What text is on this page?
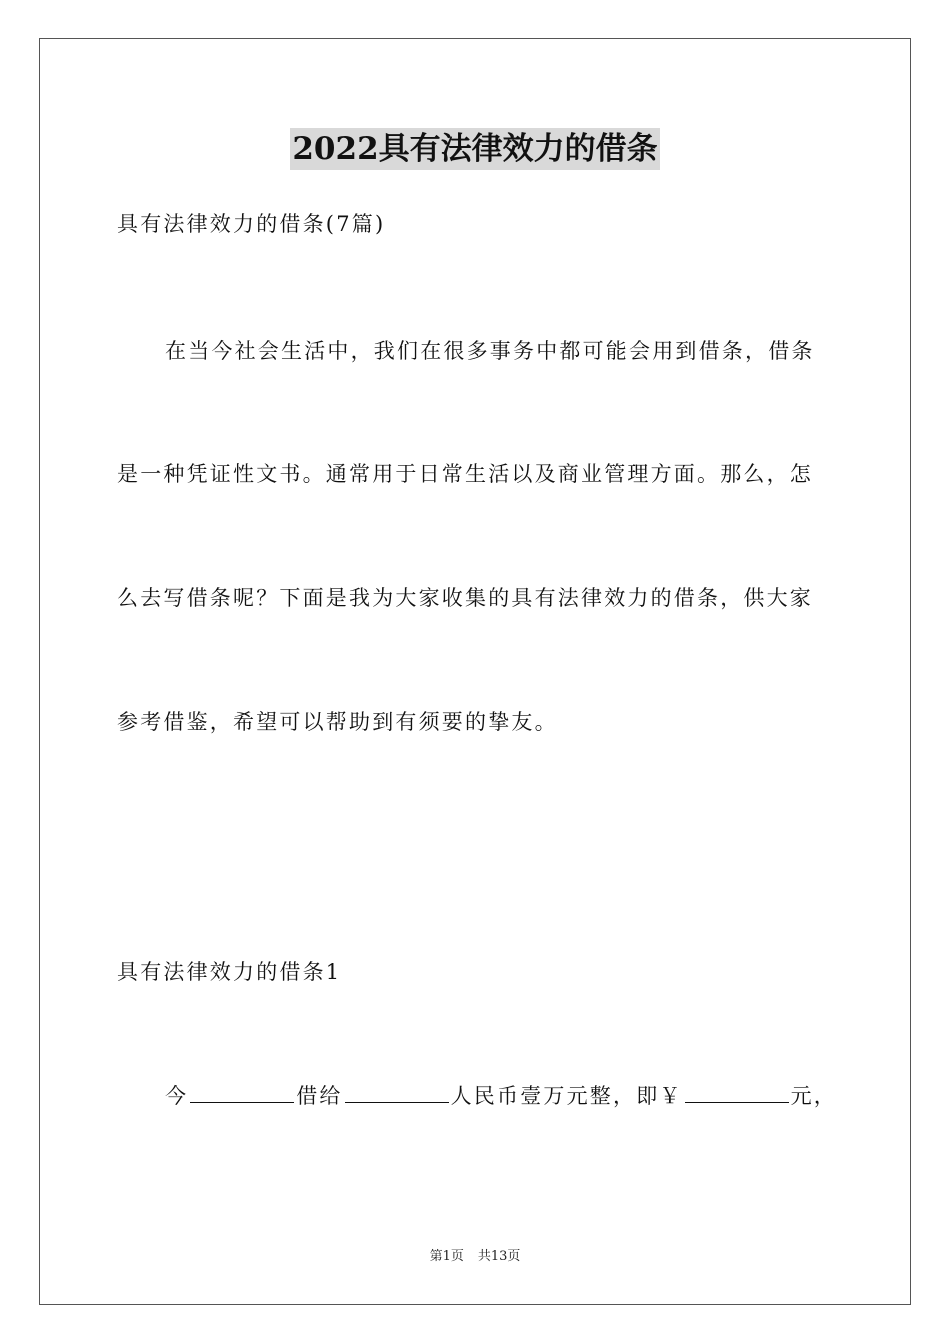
2022具有法律效力的借条
具有法律效力的借条(7篇)
在当今社会生活中，我们在很多事务中都可能会用到借条，借条
是一种凭证性文书。通常用于日常生活以及商业管理方面。那么，怎
么去写借条呢？下面是我为大家收集的具有法律效力的借条，供大家
参考借鉴，希望可以帮助到有须要的挚友。
具有法律效力的借条1
今	借给	人民币壹万元整，即￥	元，
第1页 共13页
